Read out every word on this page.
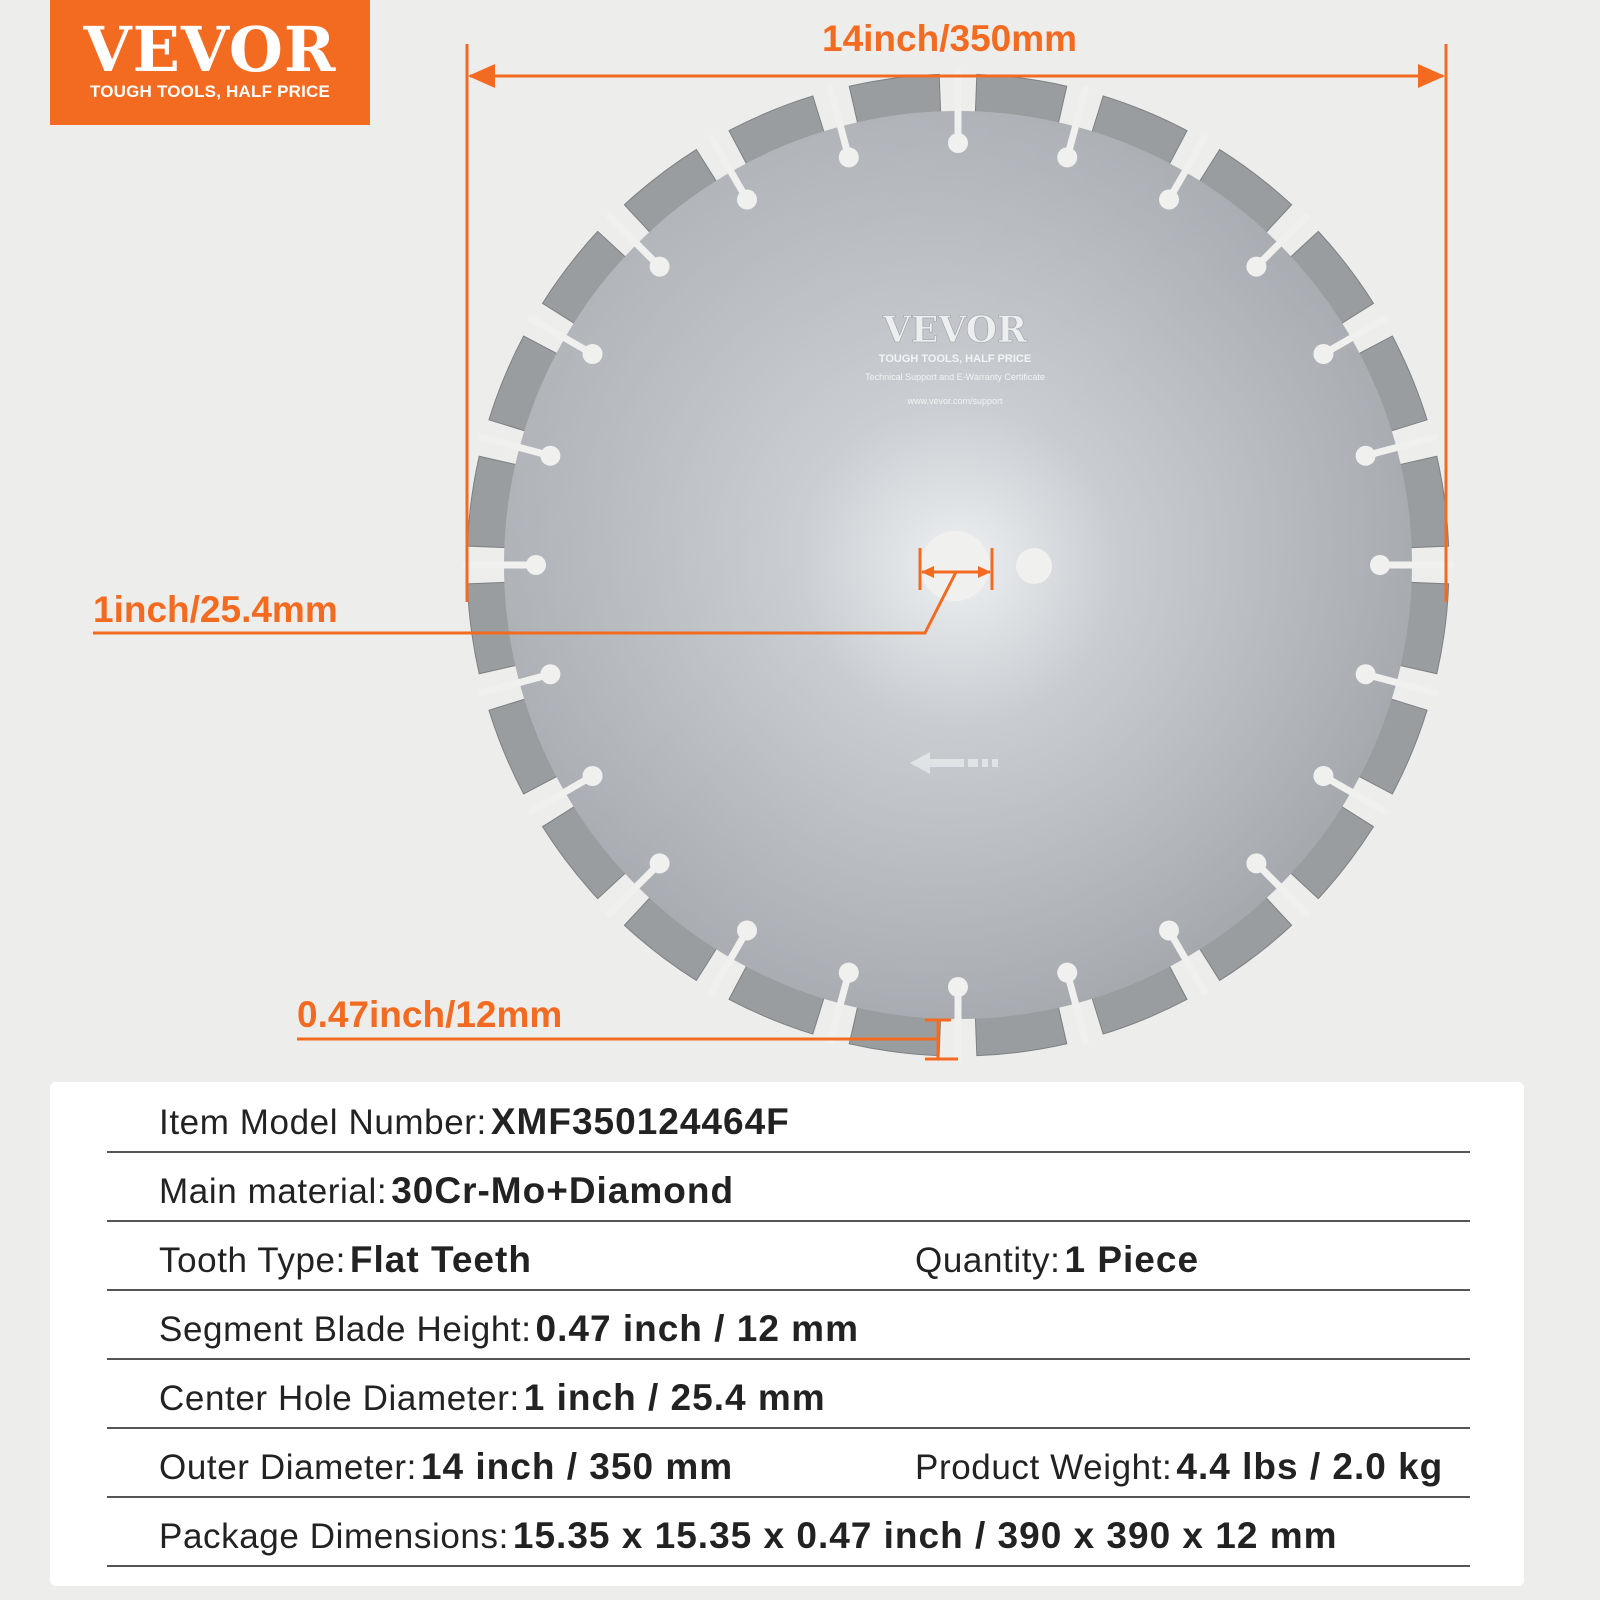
VEVOR
TOUGH TOOLS, HALF PRICE
VEVOR
TOUGH TOOLS, HALF PRICE
Technical Support and E-Warranty Certificate
www.vevor.com/support
14inch/350mm
1inch/25.4mm
0.47inch/12mm
Item Model Number: XMF350124464F
Main material: 30Cr-Mo+Diamond
Tooth Type: Flat Teeth	Quantity: 1 Piece
Segment Blade Height: 0.47 inch / 12 mm
Center Hole Diameter: 1 inch / 25.4 mm
Outer Diameter: 14 inch / 350 mm	Product Weight: 4.4 lbs / 2.0 kg
Package Dimensions: 15.35 x 15.35 x 0.47 inch / 390 x 390 x 12 mm
